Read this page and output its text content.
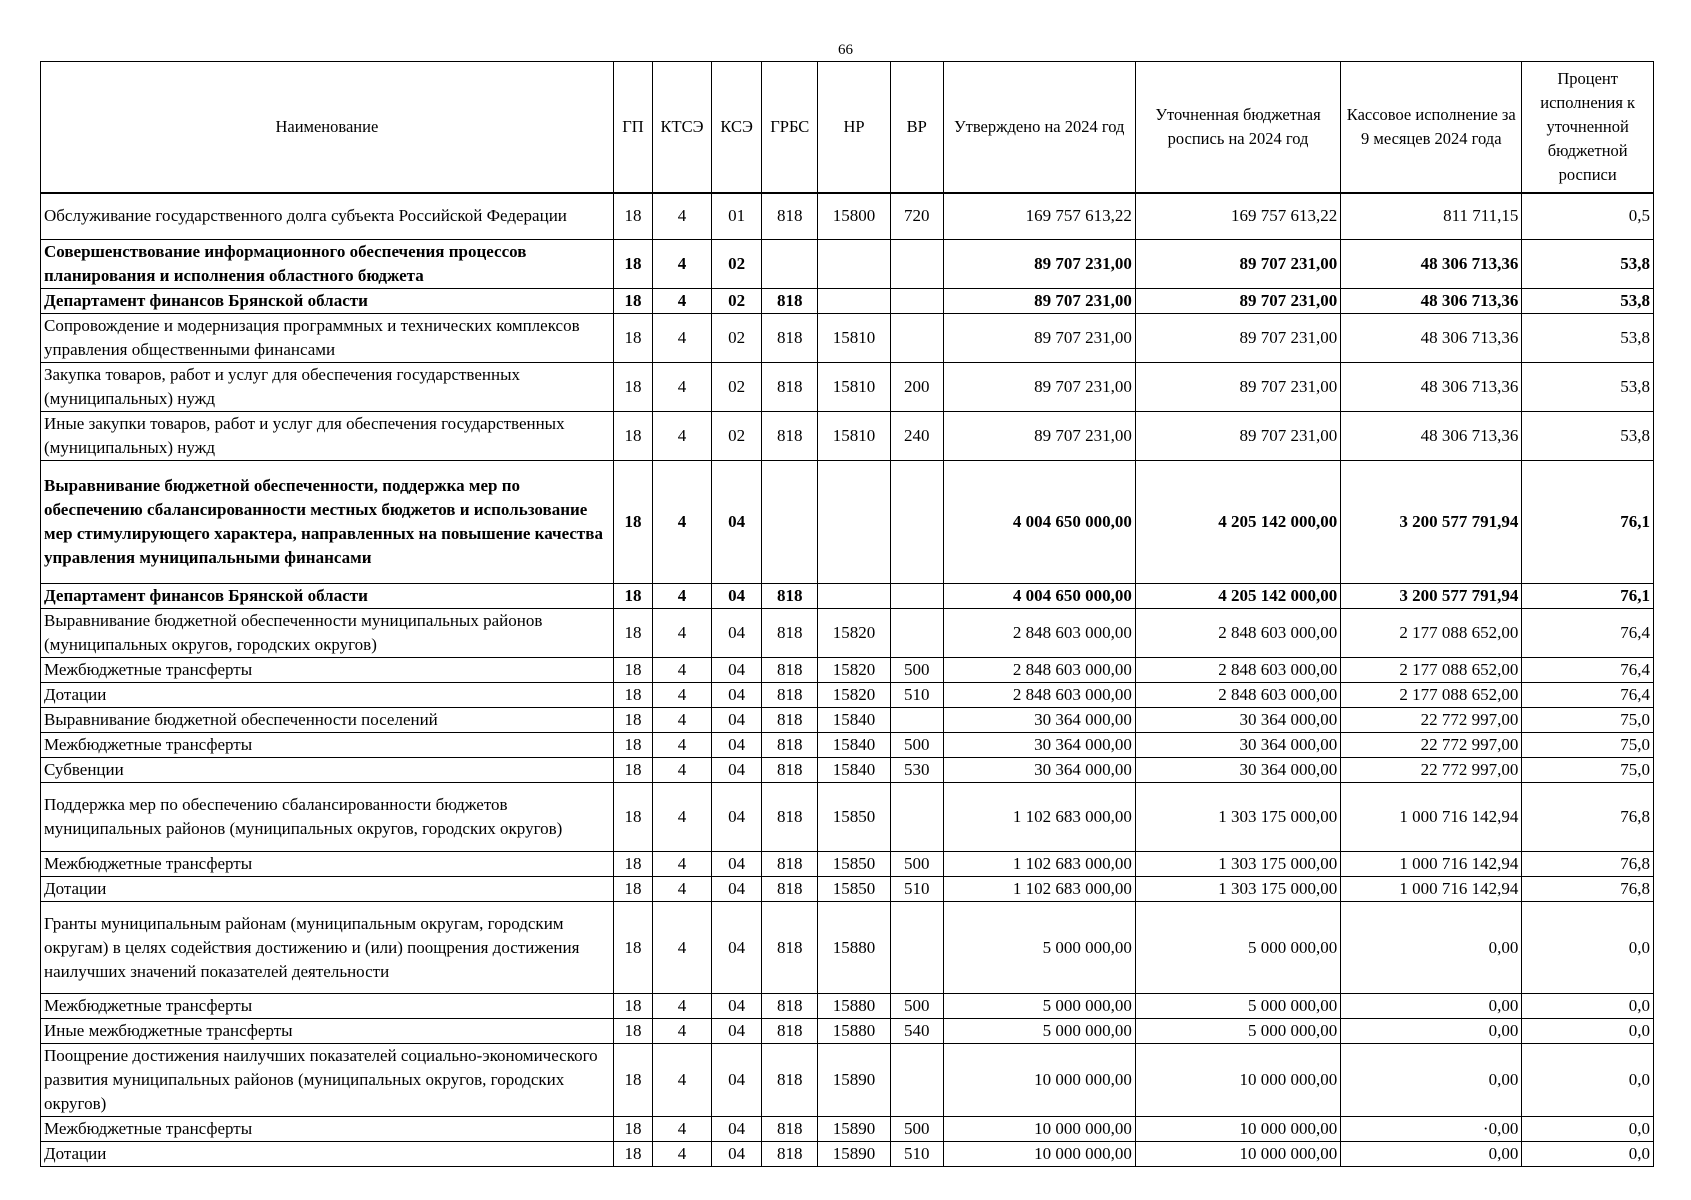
66
Наименование	ГП	КТСЭ	КСЭ	ГРБС	НР	ВР	Утверждено на 2024 год	Уточненная бюджетная роспись на 2024 год	Кассовое исполнение за 9 месяцев 2024 года	Процент исполнения к уточненной бюджетной росписи
Обслуживание государственного долга субъекта Российской Федерации	18	4	01	818	15800	720	169 757 613,22	169 757 613,22	811 711,15	0,5
Совершенствование информационного обеспечения процессов планирования и исполнения областного бюджета	18	4	02				89 707 231,00	89 707 231,00	48 306 713,36	53,8
Департамент финансов Брянской области	18	4	02	818			89 707 231,00	89 707 231,00	48 306 713,36	53,8
Сопровождение и модернизация программных и технических комплексов управления общественными финансами	18	4	02	818	15810		89 707 231,00	89 707 231,00	48 306 713,36	53,8
Закупка товаров, работ и услуг для обеспечения государственных (муниципальных) нужд	18	4	02	818	15810	200	89 707 231,00	89 707 231,00	48 306 713,36	53,8
Иные закупки товаров, работ и услуг для обеспечения государственных (муниципальных) нужд	18	4	02	818	15810	240	89 707 231,00	89 707 231,00	48 306 713,36	53,8
Выравнивание бюджетной обеспеченности, поддержка мер по обеспечению сбалансированности местных бюджетов и использование мер стимулирующего характера, направленных на повышение качества управления муниципальными финансами	18	4	04				4 004 650 000,00	4 205 142 000,00	3 200 577 791,94	76,1
Департамент финансов Брянской области	18	4	04	818			4 004 650 000,00	4 205 142 000,00	3 200 577 791,94	76,1
Выравнивание бюджетной обеспеченности муниципальных районов (муниципальных округов, городских округов)	18	4	04	818	15820		2 848 603 000,00	2 848 603 000,00	2 177 088 652,00	76,4
Межбюджетные трансферты	18	4	04	818	15820	500	2 848 603 000,00	2 848 603 000,00	2 177 088 652,00	76,4
Дотации	18	4	04	818	15820	510	2 848 603 000,00	2 848 603 000,00	2 177 088 652,00	76,4
Выравнивание бюджетной обеспеченности поселений	18	4	04	818	15840		30 364 000,00	30 364 000,00	22 772 997,00	75,0
Межбюджетные трансферты	18	4	04	818	15840	500	30 364 000,00	30 364 000,00	22 772 997,00	75,0
Субвенции	18	4	04	818	15840	530	30 364 000,00	30 364 000,00	22 772 997,00	75,0
Поддержка мер по обеспечению сбалансированности бюджетов муниципальных районов (муниципальных округов, городских округов)	18	4	04	818	15850		1 102 683 000,00	1 303 175 000,00	1 000 716 142,94	76,8
Межбюджетные трансферты	18	4	04	818	15850	500	1 102 683 000,00	1 303 175 000,00	1 000 716 142,94	76,8
Дотации	18	4	04	818	15850	510	1 102 683 000,00	1 303 175 000,00	1 000 716 142,94	76,8
Гранты муниципальным районам (муниципальным округам, городским округам) в целях содействия достижению и (или) поощрения достижения наилучших значений показателей деятельности	18	4	04	818	15880		5 000 000,00	5 000 000,00	0,00	0,0
Межбюджетные трансферты	18	4	04	818	15880	500	5 000 000,00	5 000 000,00	0,00	0,0
Иные межбюджетные трансферты	18	4	04	818	15880	540	5 000 000,00	5 000 000,00	0,00	0,0
Поощрение достижения наилучших показателей социально-экономического развития муниципальных районов (муниципальных округов, городских округов)	18	4	04	818	15890		10 000 000,00	10 000 000,00	0,00	0,0
Межбюджетные трансферты	18	4	04	818	15890	500	10 000 000,00	10 000 000,00	·0,00	0,0
Дотации	18	4	04	818	15890	510	10 000 000,00	10 000 000,00	0,00	0,0
